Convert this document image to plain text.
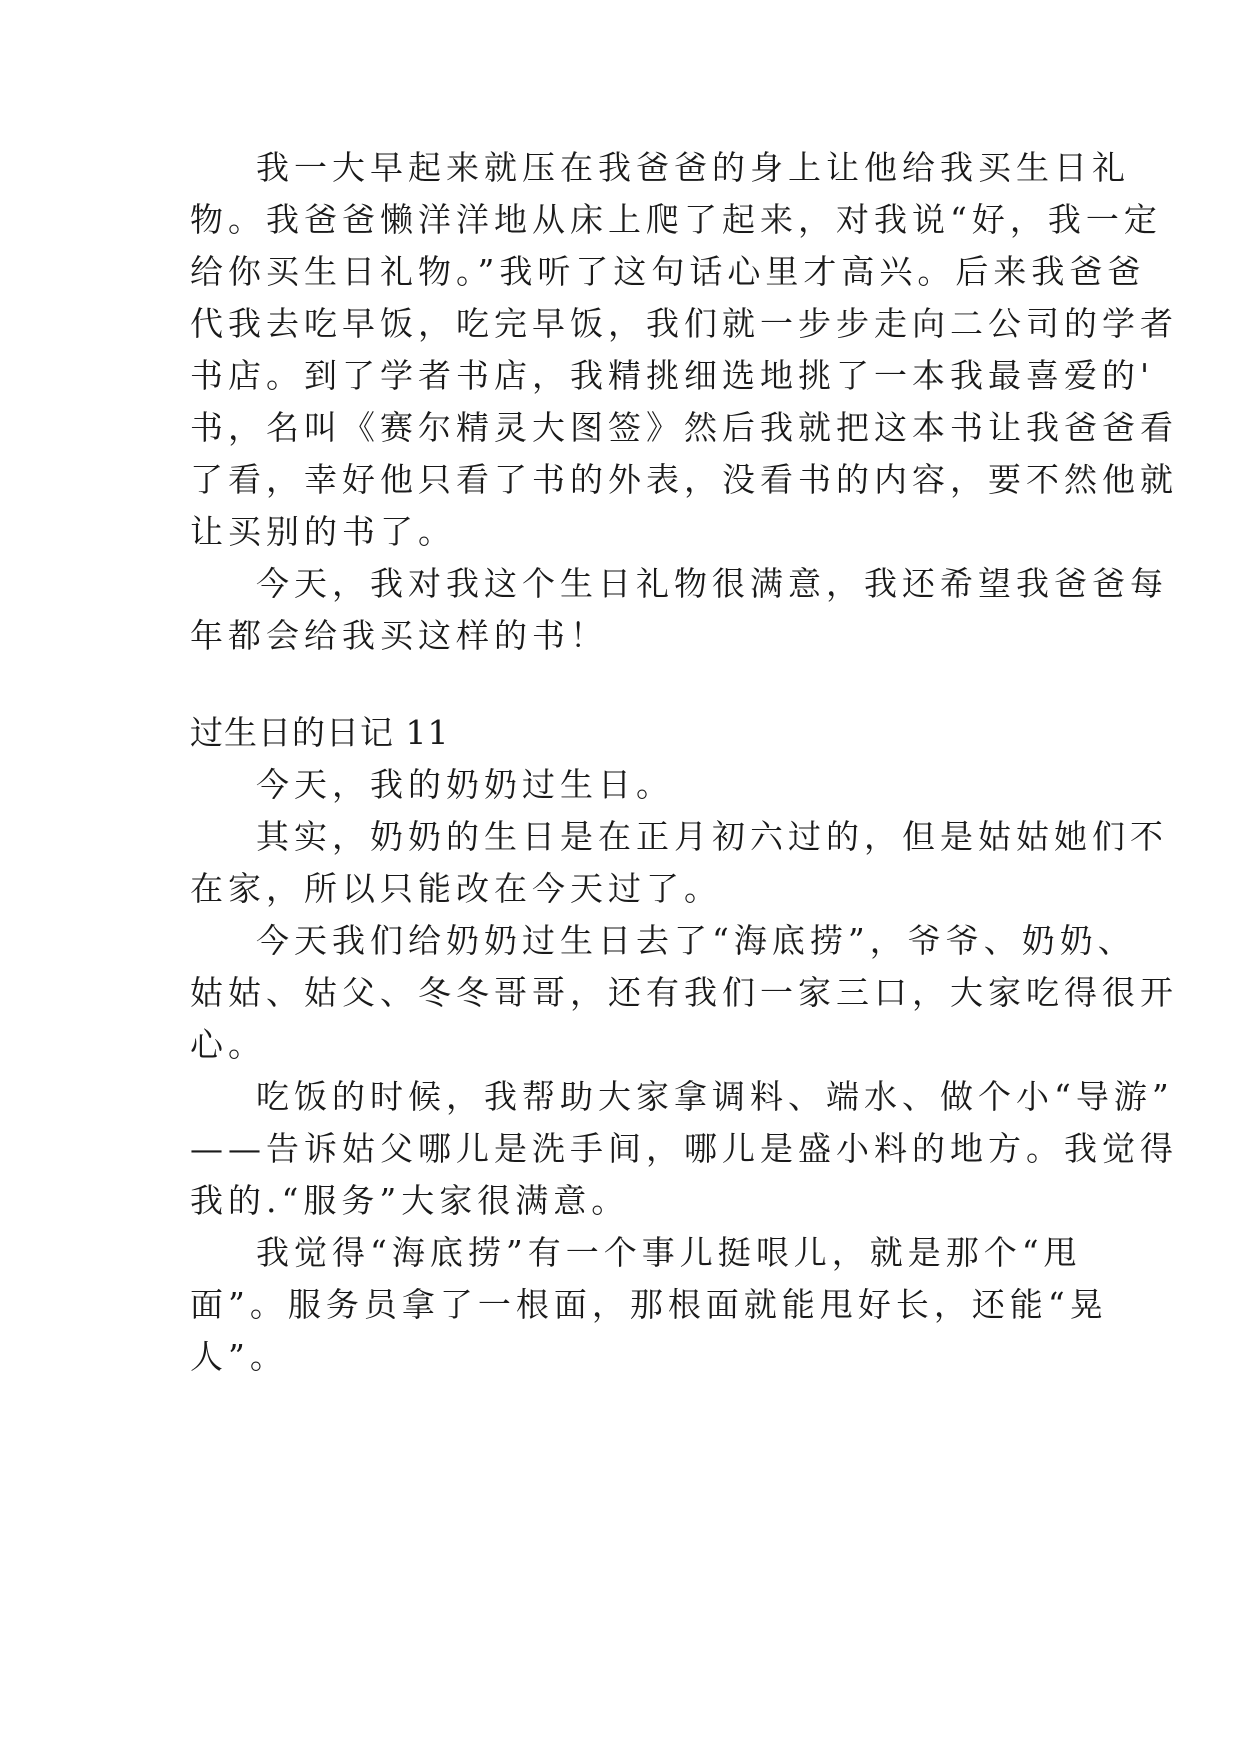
我一大早起来就压在我爸爸的身上让他给我买生日礼

物。我爸爸懒洋洋地从床上爬了起来，对我说“好，我一定

给你买生日礼物。”我听了这句话心里才高兴。后来我爸爸

代我去吃早饭，吃完早饭，我们就一步步走向二公司的学者

书店。到了学者书店，我精挑细选地挑了一本我最喜爱的'

书，名叫《赛尔精灵大图签》然后我就把这本书让我爸爸看

了看，幸好他只看了书的外表，没看书的内容，要不然他就

让买别的书了。

今天，我对我这个生日礼物很满意，我还希望我爸爸每

年都会给我买这样的书！

过生日的日记 11

今天，我的奶奶过生日。

其实，奶奶的生日是在正月初六过的，但是姑姑她们不

在家，所以只能改在今天过了。

今天我们给奶奶过生日去了“海底捞”，爷爷、奶奶、

姑姑、姑父、冬冬哥哥，还有我们一家三口，大家吃得很开

心。

吃饭的时候，我帮助大家拿调料、端水、做个小“导游”

——告诉姑父哪儿是洗手间，哪儿是盛小料的地方。我觉得

我的.“服务”大家很满意。

我觉得“海底捞”有一个事儿挺哏儿，就是那个“甩

面”。服务员拿了一根面，那根面就能甩好长，还能“晃

人”。
